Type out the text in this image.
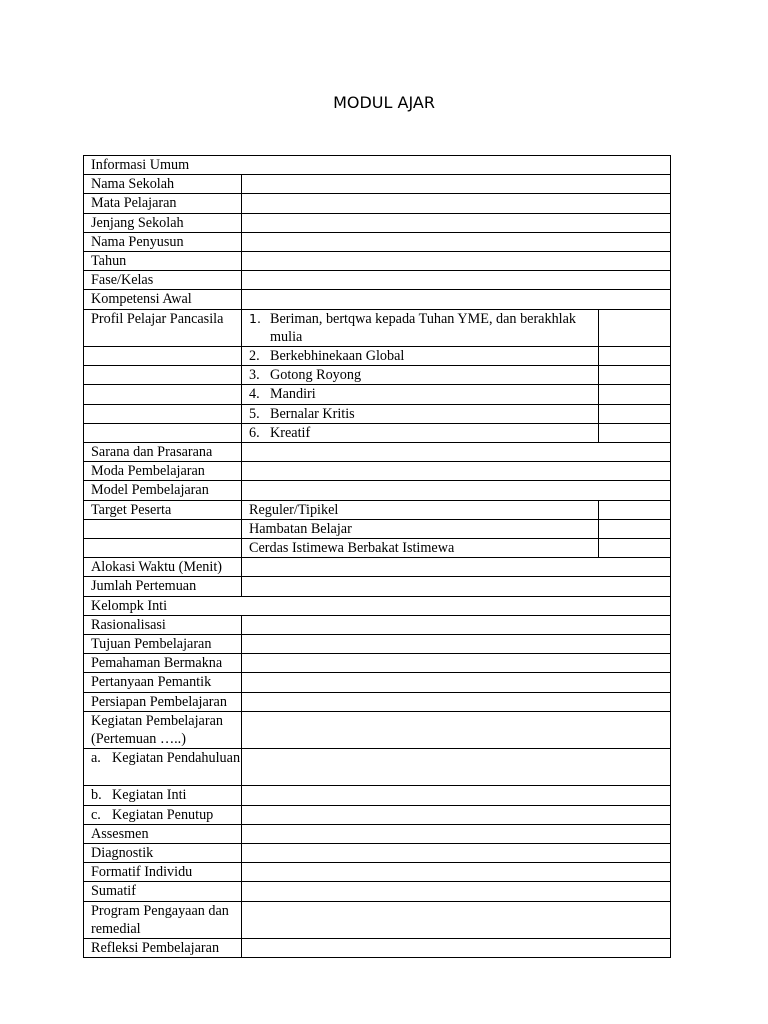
MODUL AJAR
Informasi Umum		
Nama Sekolah		
Mata Pelajaran		
Jenjang Sekolah		
Nama Penyusun		
Tahun		
Fase/Kelas		
Kompetensi Awal		
Profil Pelajar Pancasila	1. Beriman, bertqwa kepada Tuhan YME, dan berakhlak mulia	

	2. Berkebhinekaan Global	
	3. Gotong Royong	
	4. Mandiri	
	5. Bernalar Kritis	
	6. Kreatif	
Sarana dan Prasarana		
Moda Pembelajaran		
Model Pembelajaran		
Target Peserta	Reguler/Tipikel	
	Hambatan Belajar	
	Cerdas Istimewa Berbakat Istimewa	
Alokasi Waktu (Menit)		
Jumlah Pertemuan		
Kelompk Inti		
Rasionalisasi		
Tujuan Pembelajaran		
Pemahaman Bermakna		
Pertanyaan Pemantik		
Persiapan Pembelajaran		
Kegiatan Pembelajaran (Pertemuan …..)		

a. Kegiatan Pendahuluan		

b. Kegiatan Inti		
c. Kegiatan Penutup		
Assesmen		
Diagnostik		
Formatif Individu		
Sumatif		
Program Pengayaan dan remedial		
Refleksi Pembelajaran		
